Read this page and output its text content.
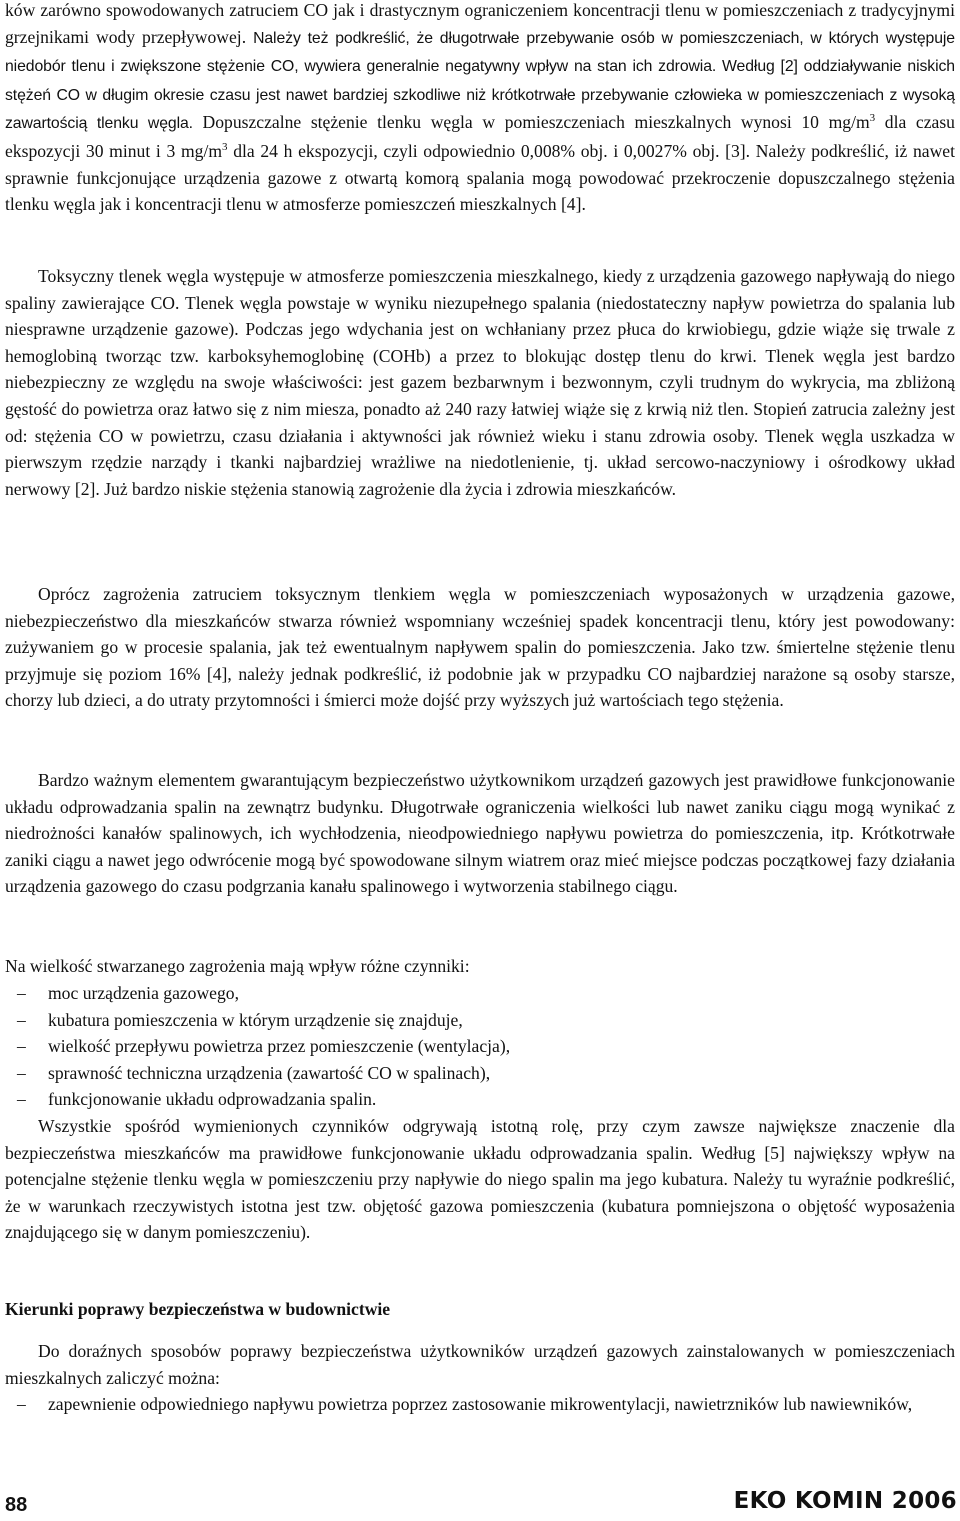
ków zarówno spowodowanych zatruciem CO jak i drastycznym ograniczeniem koncentracji tlenu w pomieszczeniach z tradycyjnymi grzejnikami wody przepływowej. Należy też podkreślić, że długotrwałe przebywanie osób w pomieszczeniach, w których występuje niedobór tlenu i zwiększone stężenie CO, wywiera generalnie negatywny wpływ na stan ich zdrowia. Według [2] oddziaływanie niskich stężeń CO w długim okresie czasu jest nawet bardziej szkodliwe niż krótkotrwałe przebywanie człowieka w pomieszczeniach z wysoką zawartością tlenku węgla. Dopuszczalne stężenie tlenku węgla w pomieszczeniach mieszkalnych wynosi 10 $mg/m^3$ dla czasu ekspozycji 30 minut i 3 $mg/m^3$ dla 24 h ekspozycji, czyli odpowiednio 0,008% obj. i 0,0027% obj. [3]. Należy podkreślić, iż nawet sprawnie funkcjonujące urządzenia gazowe z otwartą komorą spalania mogą powodować przekroczenie dopuszczalnego stężenia tlenku węgla jak i koncentracji tlenu w atmosferze pomieszczeń mieszkalnych [4].

Toksyczny tlenek węgla występuje w atmosferze pomieszczenia mieszkalnego, kiedy z urządzenia gazowego napływają do niego spaliny zawierające CO. Tlenek węgla powstaje w wyniku niezupełnego spalania (niedostateczny napływ powietrza do spalania lub niesprawne urządzenie gazowe). Podczas jego wdychania jest on wchłaniany przez płuca do krwiobiegu, gdzie wiąże się trwale z hemoglobiną tworząc tzw. karboksyhemoglobinę (COHb) a przez to blokując dostęp tlenu do krwi. Tlenek węgla jest bardzo niebezpieczny ze względu na swoje właściwości: jest gazem bezbarwnym i bezwonnym, czyli trudnym do wykrycia, ma zbliżoną gęstość do powietrza oraz łatwo się z nim miesza, ponadto aż 240 razy łatwiej wiąże się z krwią niż tlen. Stopień zatrucia zależny jest od: stężenia CO w powietrzu, czasu działania i aktywności jak również wieku i stanu zdrowia osoby. Tlenek węgla uszkadza w pierwszym rzędzie narządy i tkanki najbardziej wrażliwe na niedotlenienie, tj. układ sercowo-naczyniowy i ośrodkowy układ nerwowy [2]. Już bardzo niskie stężenia stanowią zagrożenie dla życia i zdrowia mieszkańców.

Oprócz zagrożenia zatruciem toksycznym tlenkiem węgla w pomieszczeniach wyposażonych w urządzenia gazowe, niebezpieczeństwo dla mieszkańców stwarza również wspomniany wcześniej spadek koncentracji tlenu, który jest powodowany: zużywaniem go w procesie spalania, jak też ewentualnym napływem spalin do pomieszczenia. Jako tzw. śmiertelne stężenie tlenu przyjmuje się poziom 16% [4], należy jednak podkreślić, iż podobnie jak w przypadku CO najbardziej narażone są osoby starsze, chorzy lub dzieci, a do utraty przytomności i śmierci może dojść przy wyższych już wartościach tego stężenia.

Bardzo ważnym elementem gwarantującym bezpieczeństwo użytkownikom urządzeń gazowych jest prawidłowe funkcjonowanie układu odprowadzania spalin na zewnątrz budynku. Długotrwałe ograniczenia wielkości lub nawet zaniku ciągu mogą wynikać z niedrożności kanałów spalinowych, ich wychłodzenia, nieodpowiedniego napływu powietrza do pomieszczenia, itp. Krótkotrwałe zaniki ciągu a nawet jego odwrócenie mogą być spowodowane silnym wiatrem oraz mieć miejsce podczas początkowej fazy działania urządzenia gazowego do czasu podgrzania kanału spalinowego i wytworzenia stabilnego ciągu.

Na wielkość stwarzanego zagrożenia mają wpływ różne czynniki:

– moc urządzenia gazowego,
– kubatura pomieszczenia w którym urządzenie się znajduje,
– wielkość przepływu powietrza przez pomieszczenie (wentylacja),
– sprawność techniczna urządzenia (zawartość CO w spalinach),
– funkcjonowanie układu odprowadzania spalin.

Wszystkie spośród wymienionych czynników odgrywają istotną rolę, przy czym zawsze największe znaczenie dla bezpieczeństwa mieszkańców ma prawidłowe funkcjonowanie układu odprowadzania spalin. Według [5] największy wpływ na potencjalne stężenie tlenku węgla w pomieszczeniu przy napływie do niego spalin ma jego kubatura. Należy tu wyraźnie podkreślić, że w warunkach rzeczywistych istotna jest tzw. objętość gazowa pomieszczenia (kubatura pomniejszona o objętość wyposażenia znajdującego się w danym pomieszczeniu).

Kierunki poprawy bezpieczeństwa w budownictwie

Do doraźnych sposobów poprawy bezpieczeństwa użytkowników urządzeń gazowych zainstalowanych w pomieszczeniach mieszkalnych zaliczyć można:

– zapewnienie odpowiedniego napływu powietrza poprzez zastosowanie mikrowentylacji, nawietrzników lub nawiewników,
88	EKO KOMIN 2006
